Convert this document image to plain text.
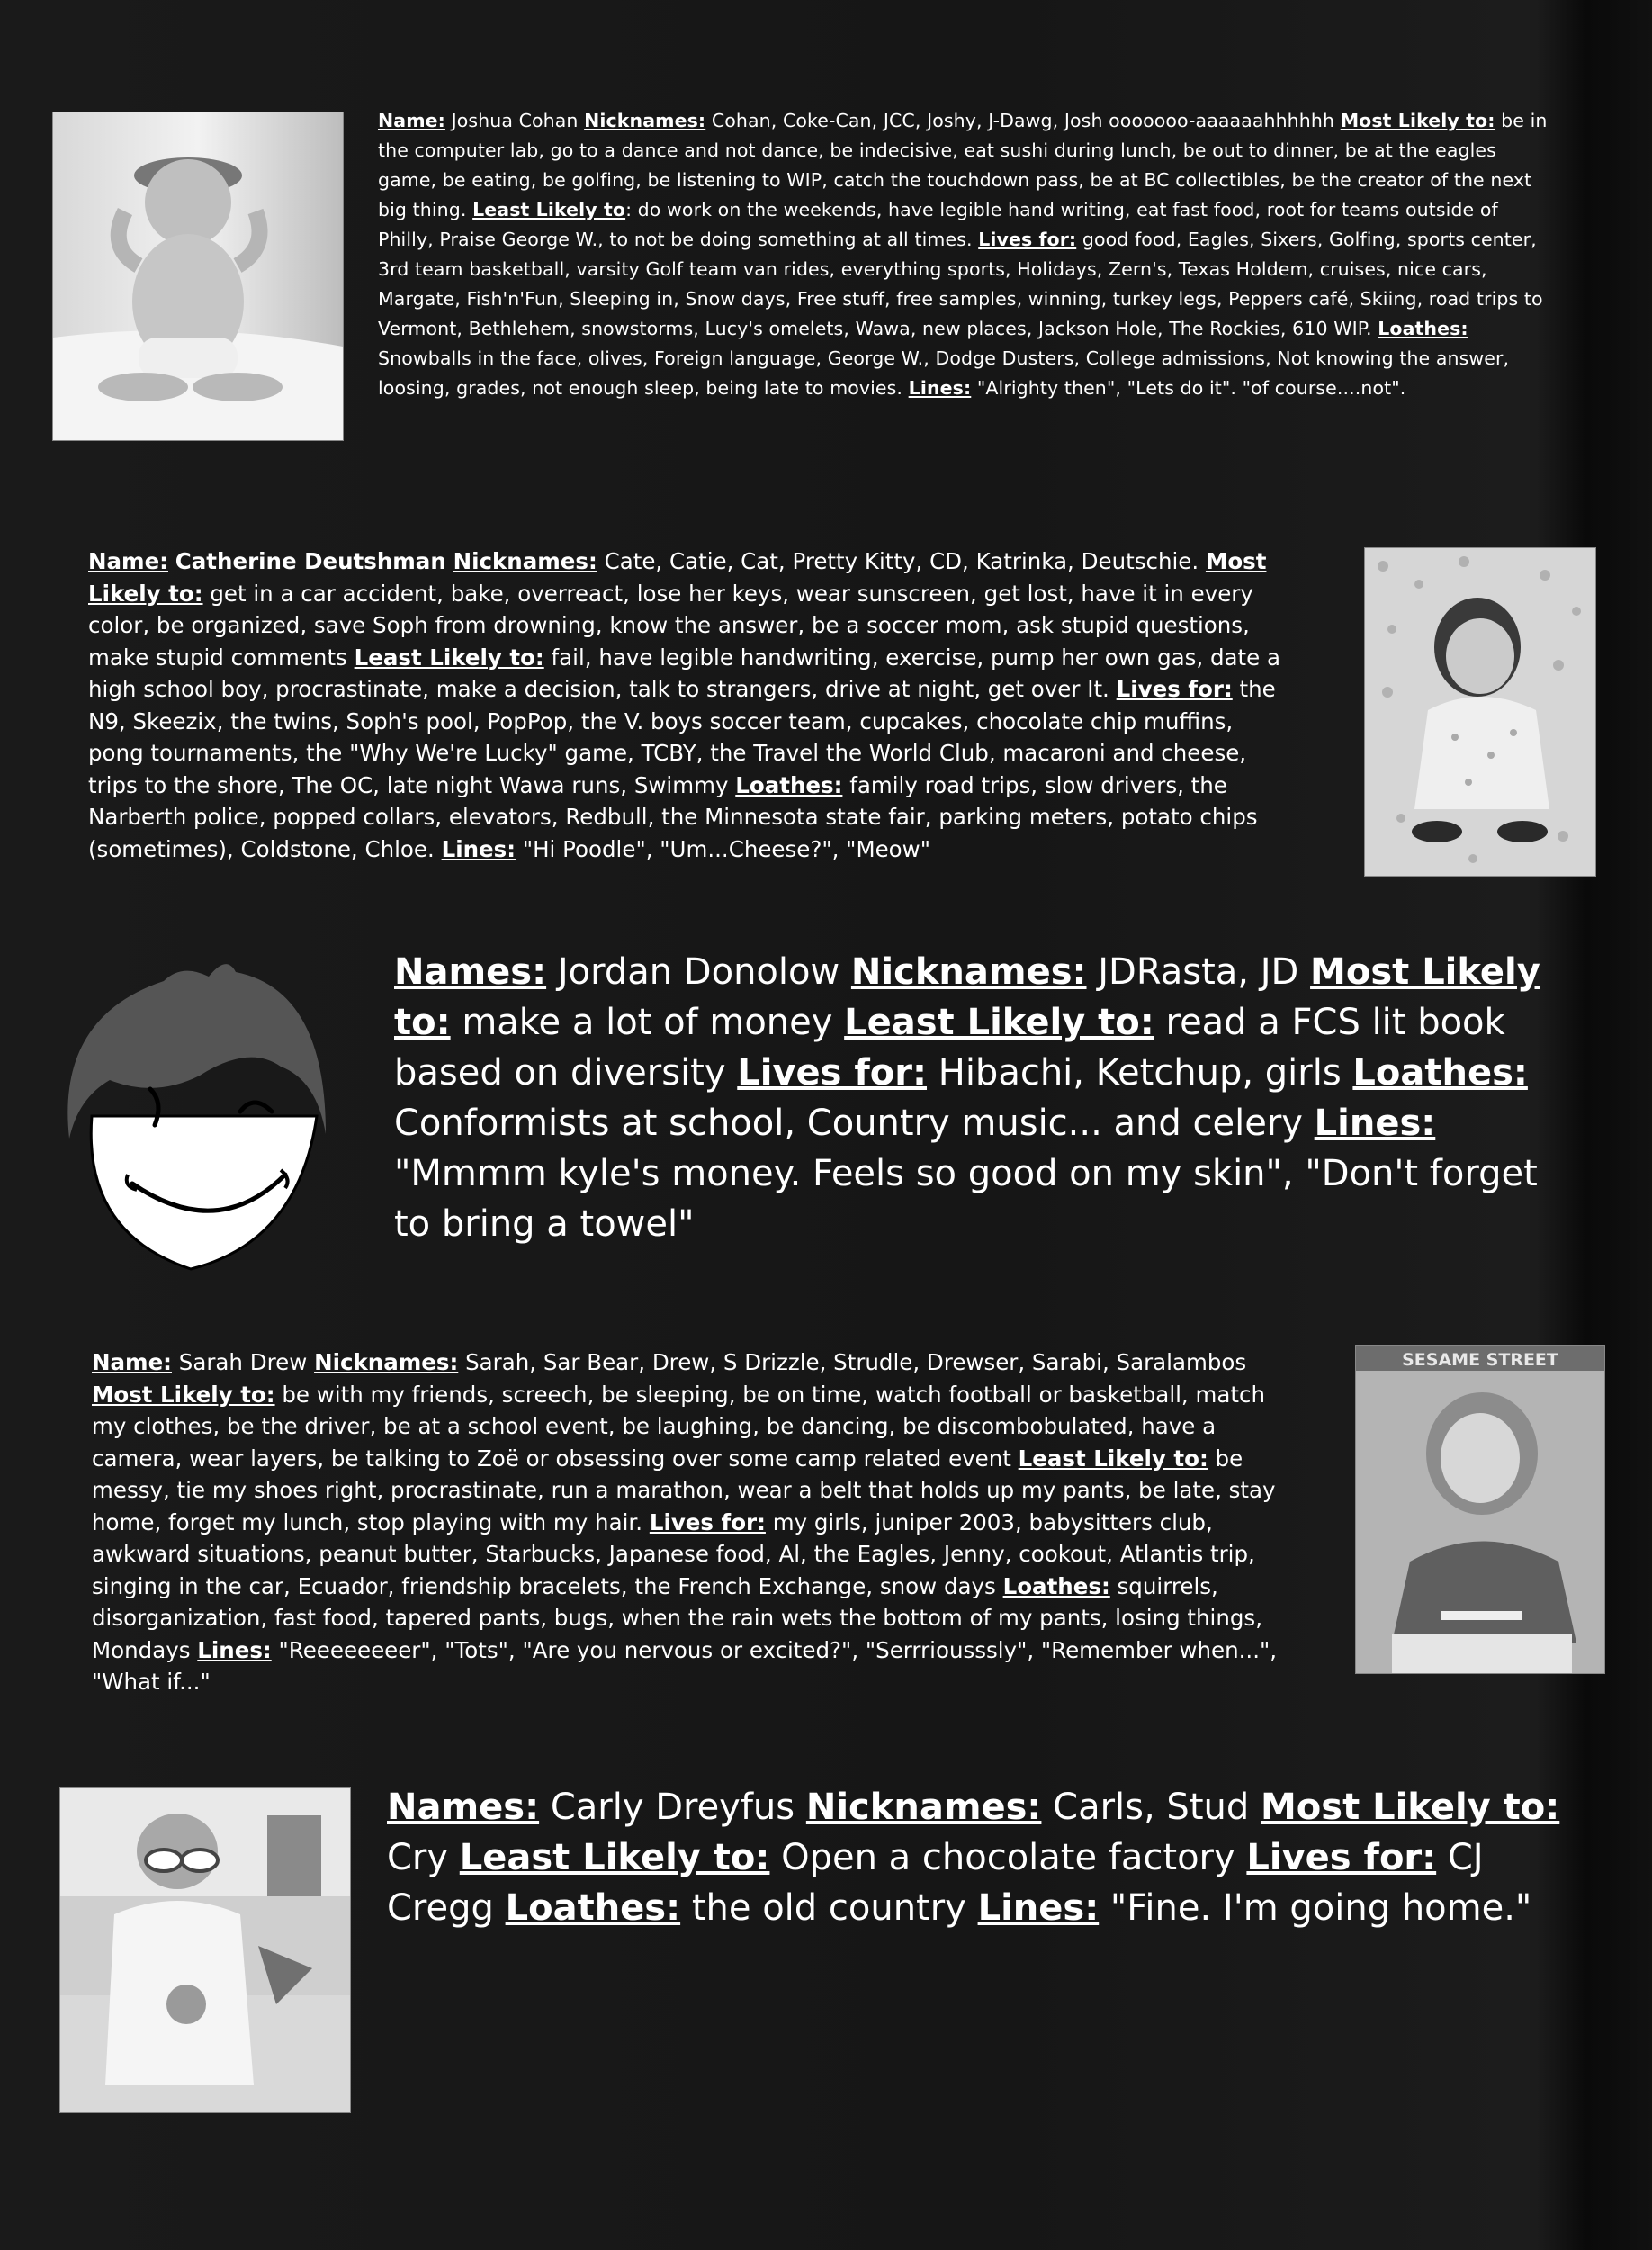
Name: Joshua Cohan Nicknames: Cohan, Coke-Can, JCC, Joshy, J-Dawg, Josh ooooooo-aaaaaahhhhhh Most Likely to: be in the computer lab, go to a dance and not dance, be indecisive, eat sushi during lunch, be out to dinner, be at the eagles game, be eating, be golfing, be listening to WIP, catch the touchdown pass, be at BC collectibles, be the creator of the next big thing. Least Likely to: do work on the weekends, have legible hand writing, eat fast food, root for teams outside of Philly, Praise George W., to not be doing something at all times. Lives for: good food, Eagles, Sixers, Golfing, sports center, 3rd team basketball, varsity Golf team van rides, everything sports, Holidays, Zern's, Texas Holdem, cruises, nice cars, Margate, Fish'n'Fun, Sleeping in, Snow days, Free stuff, free samples, winning, turkey legs, Peppers café, Skiing, road trips to Vermont, Bethlehem, snowstorms, Lucy's omelets, Wawa, new places, Jackson Hole, The Rockies, 610 WIP. Loathes: Snowballs in the face, olives, Foreign language, George W., Dodge Dusters, College admissions, Not knowing the answer, loosing, grades, not enough sleep, being late to movies. Lines: "Alrighty then", "Lets do it". "of course....not".

Name: Catherine Deutshman Nicknames: Cate, Catie, Cat, Pretty Kitty, CD, Katrinka, Deutschie. Most Likely to: get in a car accident, bake, overreact, lose her keys, wear sunscreen, get lost, have it in every color, be organized, save Soph from drowning, know the answer, be a soccer mom, ask stupid questions, make stupid comments Least Likely to: fail, have legible handwriting, exercise, pump her own gas, date a high school boy, procrastinate, make a decision, talk to strangers, drive at night, get over It. Lives for: the N9, Skeezix, the twins, Soph's pool, PopPop, the V. boys soccer team, cupcakes, chocolate chip muffins, pong tournaments, the "Why We're Lucky" game, TCBY, the Travel the World Club, macaroni and cheese, trips to the shore, The OC, late night Wawa runs, Swimmy Loathes: family road trips, slow drivers, the Narberth police, popped collars, elevators, Redbull, the Minnesota state fair, parking meters, potato chips (sometimes), Coldstone, Chloe. Lines: "Hi Poodle", "Um...Cheese?", "Meow"

Names: Jordan Donolow Nicknames: JDRasta, JD Most Likely to: make a lot of money Least Likely to: read a FCS lit book based on diversity Lives for: Hibachi, Ketchup, girls Loathes: Conformists at school, Country music... and celery Lines: "Mmmm kyle's money. Feels so good on my skin", "Don't forget to bring a towel"

Name: Sarah Drew Nicknames: Sarah, Sar Bear, Drew, S Drizzle, Strudle, Drewser, Sarabi, Saralambos Most Likely to: be with my friends, screech, be sleeping, be on time, watch football or basketball, match my clothes, be the driver, be at a school event, be laughing, be dancing, be discombobulated, have a camera, wear layers, be talking to Zoë or obsessing over some camp related event Least Likely to: be messy, tie my shoes right, procrastinate, run a marathon, wear a belt that holds up my pants, be late, stay home, forget my lunch, stop playing with my hair. Lives for: my girls, juniper 2003, babysitters club, awkward situations, peanut butter, Starbucks, Japanese food, Al, the Eagles, Jenny, cookout, Atlantis trip, singing in the car, Ecuador, friendship bracelets, the French Exchange, snow days Loathes: squirrels, disorganization, fast food, tapered pants, bugs, when the rain wets the bottom of my pants, losing things, Mondays Lines: "Reeeeeeeer", "Tots", "Are you nervous or excited?", "Serrriousssly", "Remember when...", "What if..."

SESAME STREET

Names: Carly Dreyfus Nicknames: Carls, Stud Most Likely to: Cry Least Likely to: Open a chocolate factory Lives for: CJ Cregg Loathes: the old country Lines: "Fine. I'm going home."
